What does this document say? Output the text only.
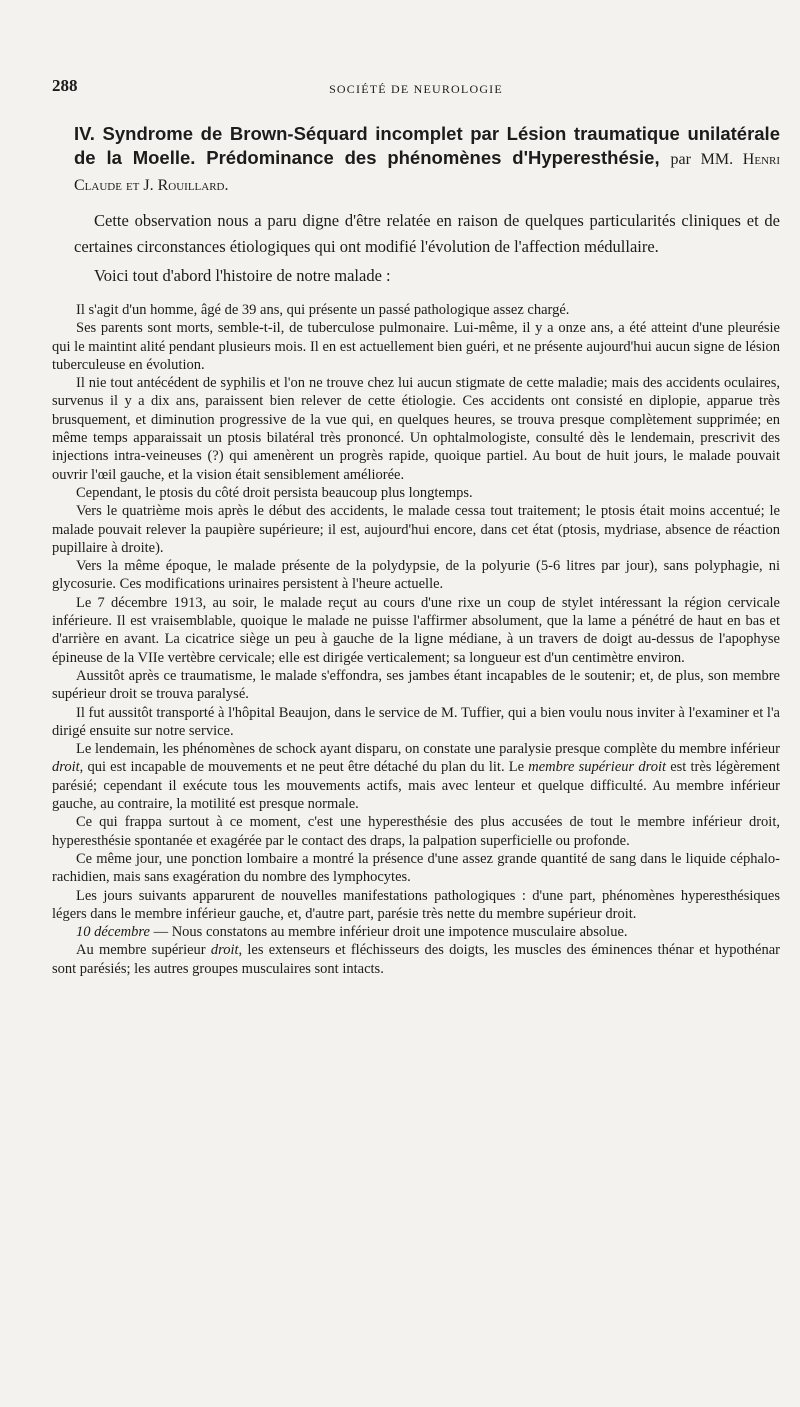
288	SOCIÉTÉ DE NEUROLOGIE
IV. Syndrome de Brown-Séquard incomplet par Lésion traumatique unilatérale de la Moelle. Prédominance des phénomènes d'Hyperesthésie, par MM. Henri Claude et J. Rouillard.

Cette observation nous a paru digne d'être relatée en raison de quelques particularités cliniques et de certaines circonstances étiologiques qui ont modifié l'évolution de l'affection médullaire.

Voici tout d'abord l'histoire de notre malade :

Il s'agit d'un homme, âgé de 39 ans, qui présente un passé pathologique assez chargé.

Ses parents sont morts, semble-t-il, de tuberculose pulmonaire. Lui-même, il y a onze ans, a été atteint d'une pleurésie qui le maintint alité pendant plusieurs mois. Il en est actuellement bien guéri, et ne présente aujourd'hui aucun signe de lésion tuberculeuse en évolution.

Il nie tout antécédent de syphilis et l'on ne trouve chez lui aucun stigmate de cette maladie; mais des accidents oculaires, survenus il y a dix ans, paraissent bien relever de cette étiologie. Ces accidents ont consisté en diplopie, apparue très brusquement, et diminution progressive de la vue qui, en quelques heures, se trouva presque complètement supprimée; en même temps apparaissait un ptosis bilatéral très prononcé. Un ophtalmologiste, consulté dès le lendemain, prescrivit des injections intra-veineuses (?) qui amenèrent un progrès rapide, quoique partiel. Au bout de huit jours, le malade pouvait ouvrir l'œil gauche, et la vision était sensiblement améliorée.

Cependant, le ptosis du côté droit persista beaucoup plus longtemps.

Vers le quatrième mois après le début des accidents, le malade cessa tout traitement; le ptosis était moins accentué; le malade pouvait relever la paupière supérieure; il est, aujourd'hui encore, dans cet état (ptosis, mydriase, absence de réaction pupillaire à droite).

Vers la même époque, le malade présente de la polydypsie, de la polyurie (5-6 litres par jour), sans polyphagie, ni glycosurie. Ces modifications urinaires persistent à l'heure actuelle.

Le 7 décembre 1913, au soir, le malade reçut au cours d'une rixe un coup de stylet intéressant la région cervicale inférieure. Il est vraisemblable, quoique le malade ne puisse l'affirmer absolument, que la lame a pénétré de haut en bas et d'arrière en avant. La cicatrice siège un peu à gauche de la ligne médiane, à un travers de doigt au-dessus de l'apophyse épineuse de la VIIe vertèbre cervicale; elle est dirigée verticalement; sa longueur est d'un centimètre environ.

Aussitôt après ce traumatisme, le malade s'effondra, ses jambes étant incapables de le soutenir; et, de plus, son membre supérieur droit se trouva paralysé.

Il fut aussitôt transporté à l'hôpital Beaujon, dans le service de M. Tuffier, qui a bien voulu nous inviter à l'examiner et l'a dirigé ensuite sur notre service.

Le lendemain, les phénomènes de schock ayant disparu, on constate une paralysie presque complète du membre inférieur droit, qui est incapable de mouvements et ne peut être détaché du plan du lit. Le membre supérieur droit est très légèrement parésié; cependant il exécute tous les mouvements actifs, mais avec lenteur et quelque difficulté. Au membre inférieur gauche, au contraire, la motilité est presque normale.

Ce qui frappa surtout à ce moment, c'est une hyperesthésie des plus accusées de tout le membre inférieur droit, hyperesthésie spontanée et exagérée par le contact des draps, la palpation superficielle ou profonde.

Ce même jour, une ponction lombaire a montré la présence d'une assez grande quantité de sang dans le liquide céphalo-rachidien, mais sans exagération du nombre des lymphocytes.

Les jours suivants apparurent de nouvelles manifestations pathologiques : d'une part, phénomènes hyperesthésiques légers dans le membre inférieur gauche, et, d'autre part, parésie très nette du membre supérieur droit.

10 décembre — Nous constatons au membre inférieur droit une impotence musculaire absolue.

Au membre supérieur droit, les extenseurs et fléchisseurs des doigts, les muscles des éminences thénar et hypothénar sont parésiés; les autres groupes musculaires sont intacts.
